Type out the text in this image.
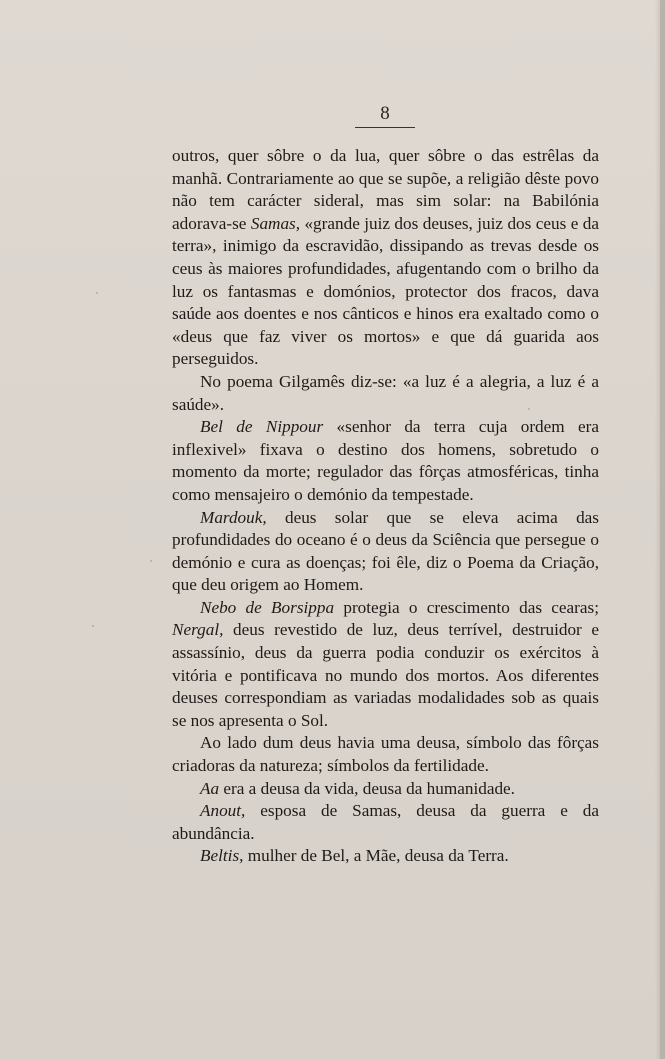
8

outros, quer sôbre o da lua, quer sôbre o das estrêlas da manhã. Contrariamente ao que se supõe, a religião dêste povo não tem carácter sideral, mas sim solar: na Babilónia adorava-se Samas, «grande juiz dos deuses, juiz dos ceus e da terra», inimigo da escravidão, dissipando as trevas desde os ceus às maiores profundidades, afugentando com o brilho da luz os fantasmas e domónios, protector dos fracos, dava saúde aos doentes e nos cânticos e hinos era exaltado como o «deus que faz viver os mortos» e que dá guarida aos perseguidos.

No poema Gilgamês diz-se: «a luz é a alegria, a luz é a saúde».

Bel de Nippour «senhor da terra cuja ordem era inflexivel» fixava o destino dos homens, sobretudo o momento da morte; regulador das fôrças atmosféricas, tinha como mensajeiro o demónio da tempestade.

Mardouk, deus solar que se eleva acima das profundidades do oceano é o deus da Sciência que persegue o demónio e cura as doenças; foi êle, diz o Poema da Criação, que deu origem ao Homem.

Nebo de Borsippa protegia o crescimento das cearas; Nergal, deus revestido de luz, deus terrível, destruidor e assassínio, deus da guerra podia conduzir os exércitos à vitória e pontificava no mundo dos mortos. Aos diferentes deuses correspondiam as variadas modalidades sob as quais se nos apresenta o Sol.

Ao lado dum deus havia uma deusa, símbolo das fôrças criadoras da natureza; símbolos da fertilidade.

Aa era a deusa da vida, deusa da humanidade.

Anout, esposa de Samas, deusa da guerra e da abundância.

Beltis, mulher de Bel, a Mãe, deusa da Terra.
